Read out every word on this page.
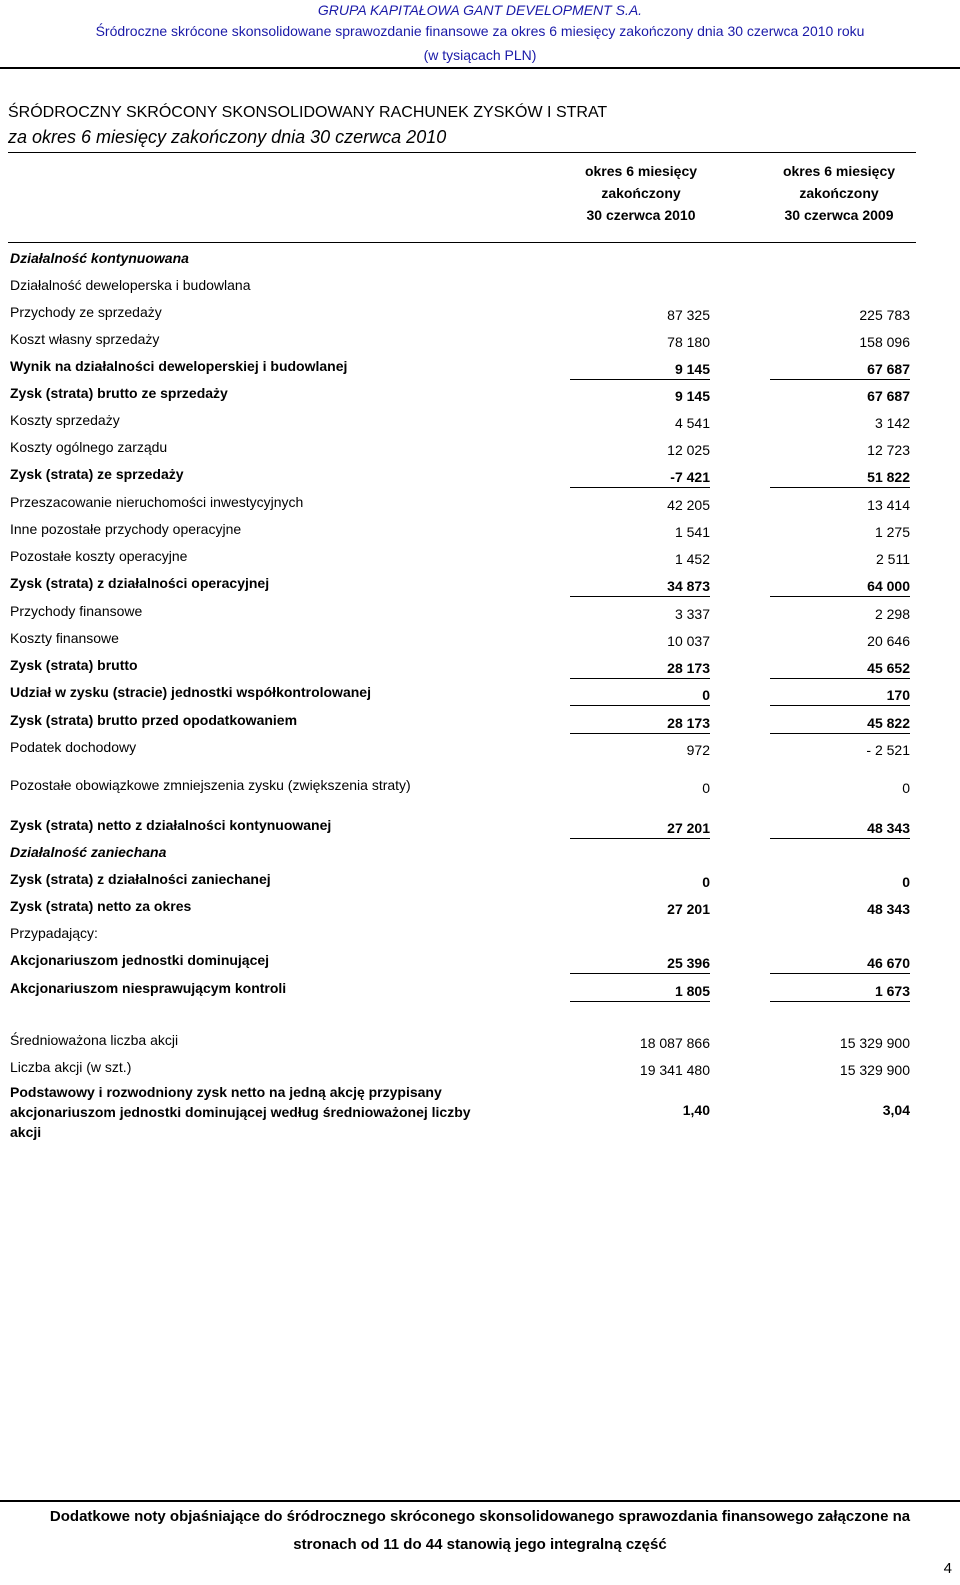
GRUPA KAPITAŁOWA GANT DEVELOPMENT S.A.
Śródroczne skrócone skonsolidowane sprawozdanie finansowe za okres 6 miesięcy zakończony dnia 30 czerwca 2010 roku
(w tysiącach PLN)
ŚRÓDROCZNY SKRÓCONY SKONSOLIDOWANY RACHUNEK ZYSKÓW I STRAT
za okres 6 miesięcy zakończony dnia 30 czerwca 2010
okres 6 miesięcy
zakończony
30 czerwca 2010
okres 6 miesięcy
zakończony
30 czerwca 2009
Działalność kontynuowana
Działalność deweloperska i budowlana
Przychody ze sprzedaży	87 325	225 783
Koszt własny sprzedaży	78 180	158 096
Wynik na działalności deweloperskiej i budowlanej	9 145	67 687
Zysk (strata) brutto ze sprzedaży	9 145	67 687
Koszty sprzedaży	4 541	3 142
Koszty ogólnego zarządu	12 025	12 723
Zysk (strata) ze sprzedaży	-7 421	51 822
Przeszacowanie nieruchomości inwestycyjnych	42 205	13 414
Inne pozostałe przychody operacyjne	1 541	1 275
Pozostałe koszty operacyjne	1 452	2 511
Zysk (strata) z działalności operacyjnej	34 873	64 000
Przychody finansowe	3 337	2 298
Koszty finansowe	10 037	20 646
Zysk (strata) brutto	28 173	45 652
Udział w zysku (stracie) jednostki współkontrolowanej	0	170
Zysk (strata) brutto przed opodatkowaniem	28 173	45 822
Podatek dochodowy	972	- 2 521
Pozostałe obowiązkowe zmniejszenia zysku (zwiększenia straty)	0	0
Zysk (strata) netto z działalności kontynuowanej	27 201	48 343
Działalność zaniechana
Zysk (strata) z działalności zaniechanej	0	0
Zysk (strata) netto za okres	27 201	48 343
Przypadający:
Akcjonariuszom jednostki dominującej	25 396	46 670
Akcjonariuszom niesprawującym kontroli	1 805	1 673
Średnioważona liczba akcji	18 087 866	15 329 900
Liczba akcji (w szt.)	19 341 480	15 329 900
Podstawowy i rozwodniony zysk netto na jedną akcję przypisany akcjonariuszom jednostki dominującej według średnioważonej liczby akcji
1,40	3,04
Dodatkowe noty objaśniające do śródrocznego skróconego skonsolidowanego sprawozdania finansowego załączone na
stronach od 11 do 44 stanowią jego integralną część
4
